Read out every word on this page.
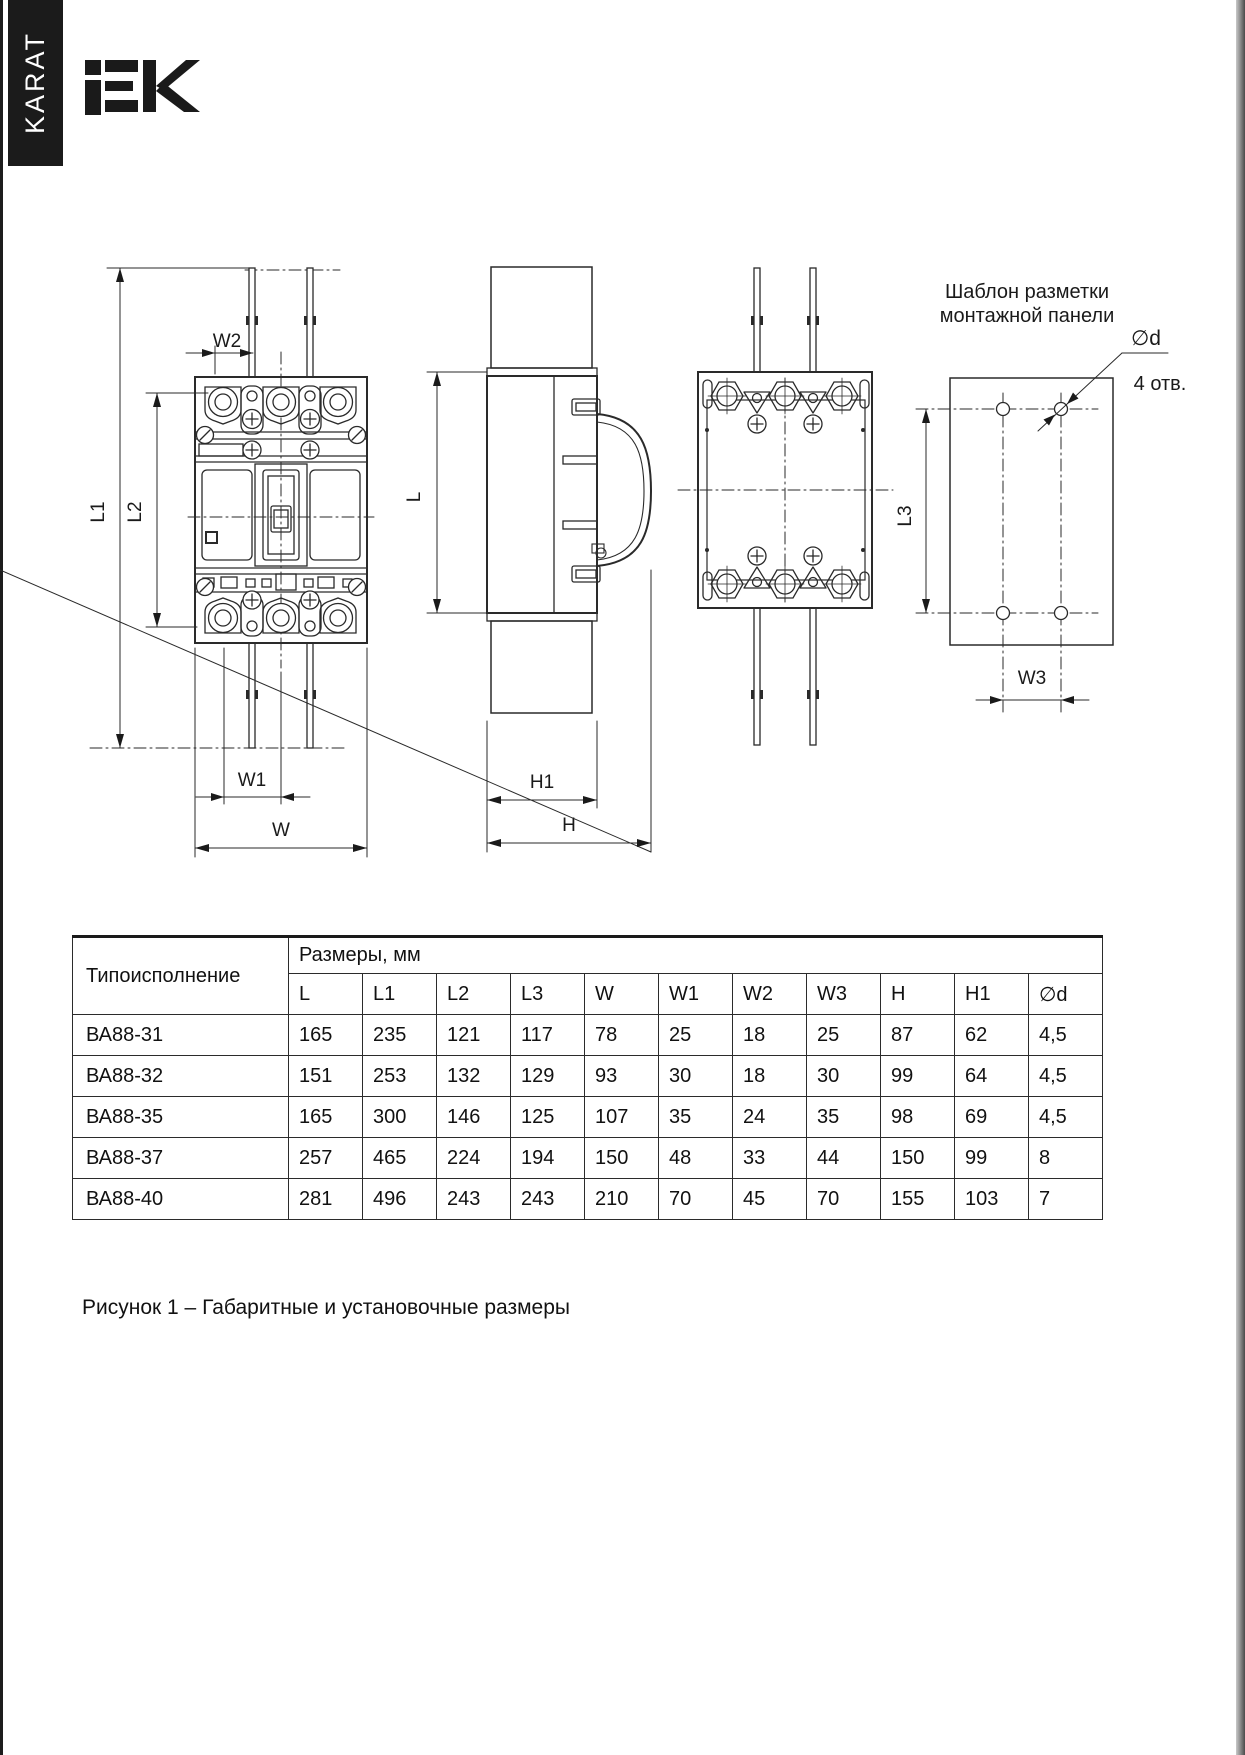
KARAT
W2
L1 L2
L
W1
W
H1
H
L3
W3
∅d
4 отв.
Шаблон разметки
монтажной панели
Типоисполнение	Размеры, мм										
	L	L1	L2	L3	W	W1	W2	W3	H	H1	∅d
ВА88-31	165	235	121	117	78	25	18	25	87	62	4,5
ВА88-32	151	253	132	129	93	30	18	30	99	64	4,5
ВА88-35	165	300	146	125	107	35	24	35	98	69	4,5
ВА88-37	257	465	224	194	150	48	33	44	150	99	8
ВА88-40	281	496	243	243	210	70	45	70	155	103	7
Рисунок 1 – Габаритные и установочные размеры
